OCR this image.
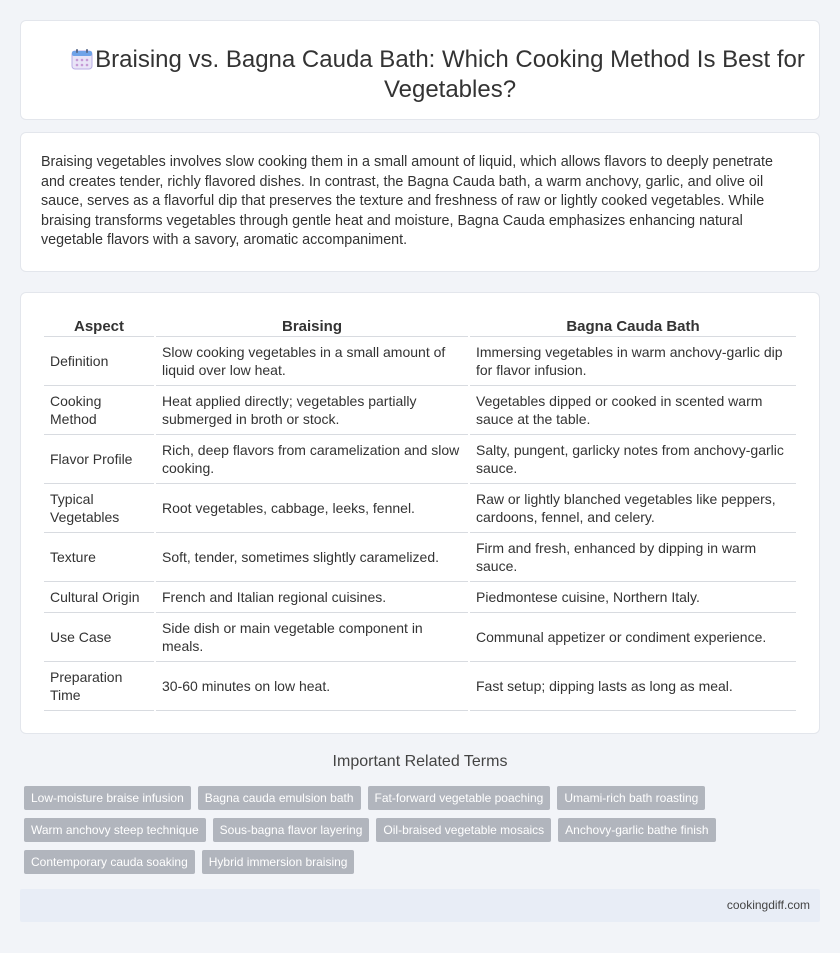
Braising vs. Bagna Cauda Bath: Which Cooking Method Is Best for Vegetables?

Braising vegetables involves slow cooking them in a small amount of liquid, which allows flavors to deeply penetrate and creates tender, richly flavored dishes. In contrast, the Bagna Cauda bath, a warm anchovy, garlic, and olive oil sauce, serves as a flavorful dip that preserves the texture and freshness of raw or lightly cooked vegetables. While braising transforms vegetables through gentle heat and moisture, Bagna Cauda emphasizes enhancing natural vegetable flavors with a savory, aromatic accompaniment.

Aspect	Braising	Bagna Cauda Bath
Definition	Slow cooking vegetables in a small amount of liquid over low heat.	Immersing vegetables in warm anchovy-garlic dip for flavor infusion.
Cooking Method	Heat applied directly; vegetables partially submerged in broth or stock.	Vegetables dipped or cooked in scented warm sauce at the table.
Flavor Profile	Rich, deep flavors from caramelization and slow cooking.	Salty, pungent, garlicky notes from anchovy-garlic sauce.
Typical Vegetables	Root vegetables, cabbage, leeks, fennel.	Raw or lightly blanched vegetables like peppers, cardoons, fennel, and celery.
Texture	Soft, tender, sometimes slightly caramelized.	Firm and fresh, enhanced by dipping in warm sauce.
Cultural Origin	French and Italian regional cuisines.	Piedmontese cuisine, Northern Italy.
Use Case	Side dish or main vegetable component in meals.	Communal appetizer or condiment experience.
Preparation Time	30-60 minutes on low heat.	Fast setup; dipping lasts as long as meal.
Important Related Terms
Low-moisture braise infusion	Bagna cauda emulsion bath	Fat-forward vegetable poaching	Umami-rich bath roasting
Warm anchovy steep technique	Sous-bagna flavor layering	Oil-braised vegetable mosaics	Anchovy-garlic bathe finish
Contemporary cauda soaking	Hybrid immersion braising
cookingdiff.com
